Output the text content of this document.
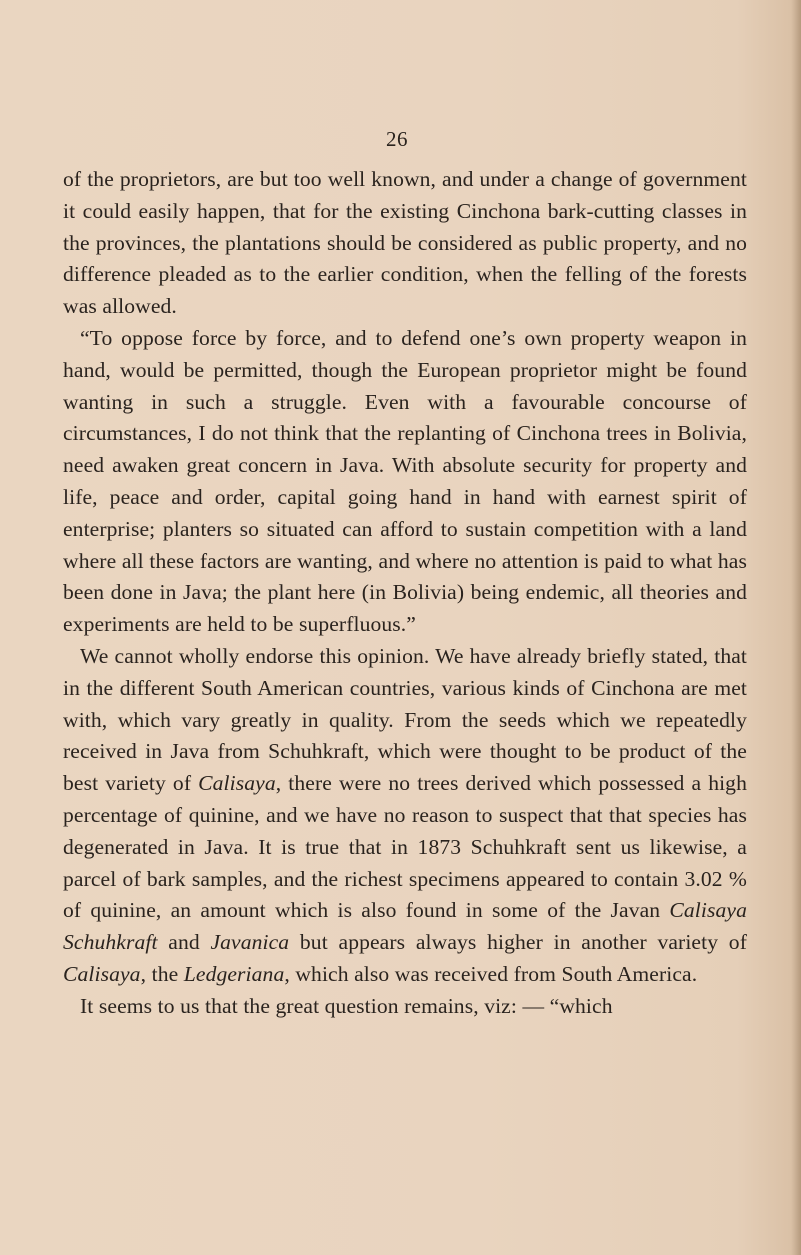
26

of the proprietors, are but too well known, and under a change of government it could easily happen, that for the existing Cinchona bark-cutting classes in the provinces, the plantations should be considered as public property, and no difference pleaded as to the earlier condition, when the felling of the forests was allowed.

“To oppose force by force, and to defend one’s own property weapon in hand, would be permitted, though the European proprietor might be found wanting in such a struggle. Even with a favourable concourse of circumstances, I do not think that the replanting of Cinchona trees in Bolivia, need awaken great concern in Java. With absolute security for property and life, peace and order, capital going hand in hand with earnest spirit of enterprise; planters so situated can afford to sustain competition with a land where all these factors are wanting, and where no attention is paid to what has been done in Java; the plant here (in Bolivia) being endemic, all theories and experiments are held to be superfluous.”

We cannot wholly endorse this opinion. We have already briefly stated, that in the different South American countries, various kinds of Cinchona are met with, which vary greatly in quality. From the seeds which we repeatedly received in Java from Schuhkraft, which were thought to be product of the best variety of Calisaya, there were no trees derived which possessed a high percentage of quinine, and we have no reason to suspect that that species has degenerated in Java. It is true that in 1873 Schuhkraft sent us likewise, a parcel of bark samples, and the richest specimens appeared to contain 3.02 % of quinine, an amount which is also found in some of the Javan Calisaya Schuhkraft and Javanica but appears always higher in another variety of Calisaya, the Ledgeriana, which also was received from South America.

It seems to us that the great question remains, viz: — “which
